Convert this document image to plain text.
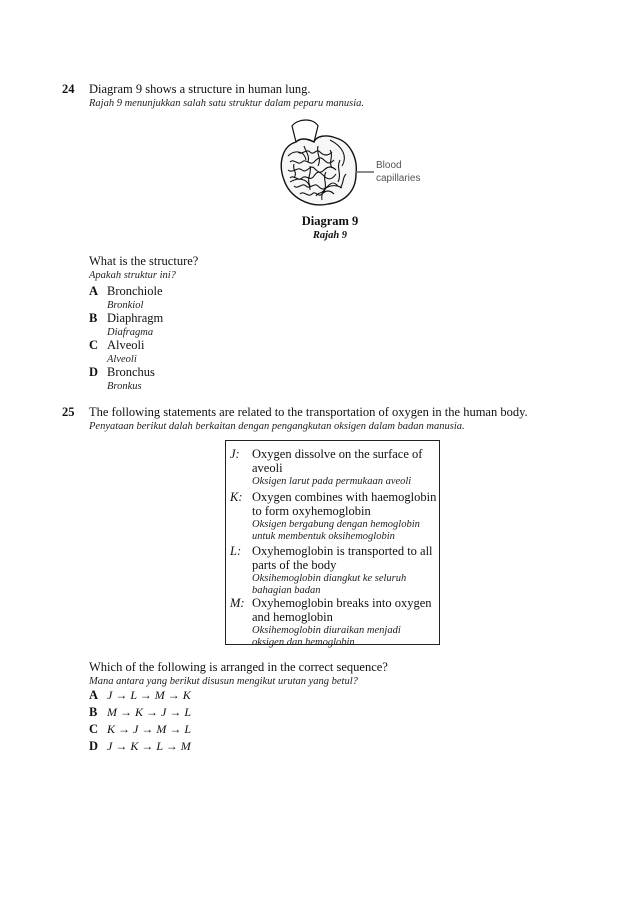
24 Diagram 9 shows a structure in human lung.
Rajah 9 menunjukkan salah satu struktur dalam peparu manusia.
Blood
capillaries
Diagram 9
Rajah 9
What is the structure?
Apakah struktur ini?
A Bronchiole
Bronkiol
B Diaphragm
Diafragma
C Alveoli
Alveoli
D Bronchus
Bronkus
25 The following statements are related to the transportation of oxygen in the human body.
Penyataan berikut dalah berkaitan dengan pengangkutan oksigen dalam badan manusia.
J: Oxygen dissolve on the surface of
aveoli
Oksigen larut pada permukaan aveoli
K: Oxygen combines with haemoglobin
to form oxyhemoglobin
Oksigen bergabung dengan hemoglobin
untuk membentuk oksihemoglobin
L: Oxyhemoglobin is transported to all
parts of the body
Oksihemoglobin diangkut ke seluruh
bahagian badan
M: Oxyhemoglobin breaks into oxygen
and hemoglobin
Oksihemoglobin diuraikan menjadi
oksigen dan hemoglobin
Which of the following is arranged in the correct sequence?
Mana antara yang berikut disusun mengikut urutan yang betul?
A J → L → M → K
B M → K → J → L
C K → J → M → L
D J → K → L → M
